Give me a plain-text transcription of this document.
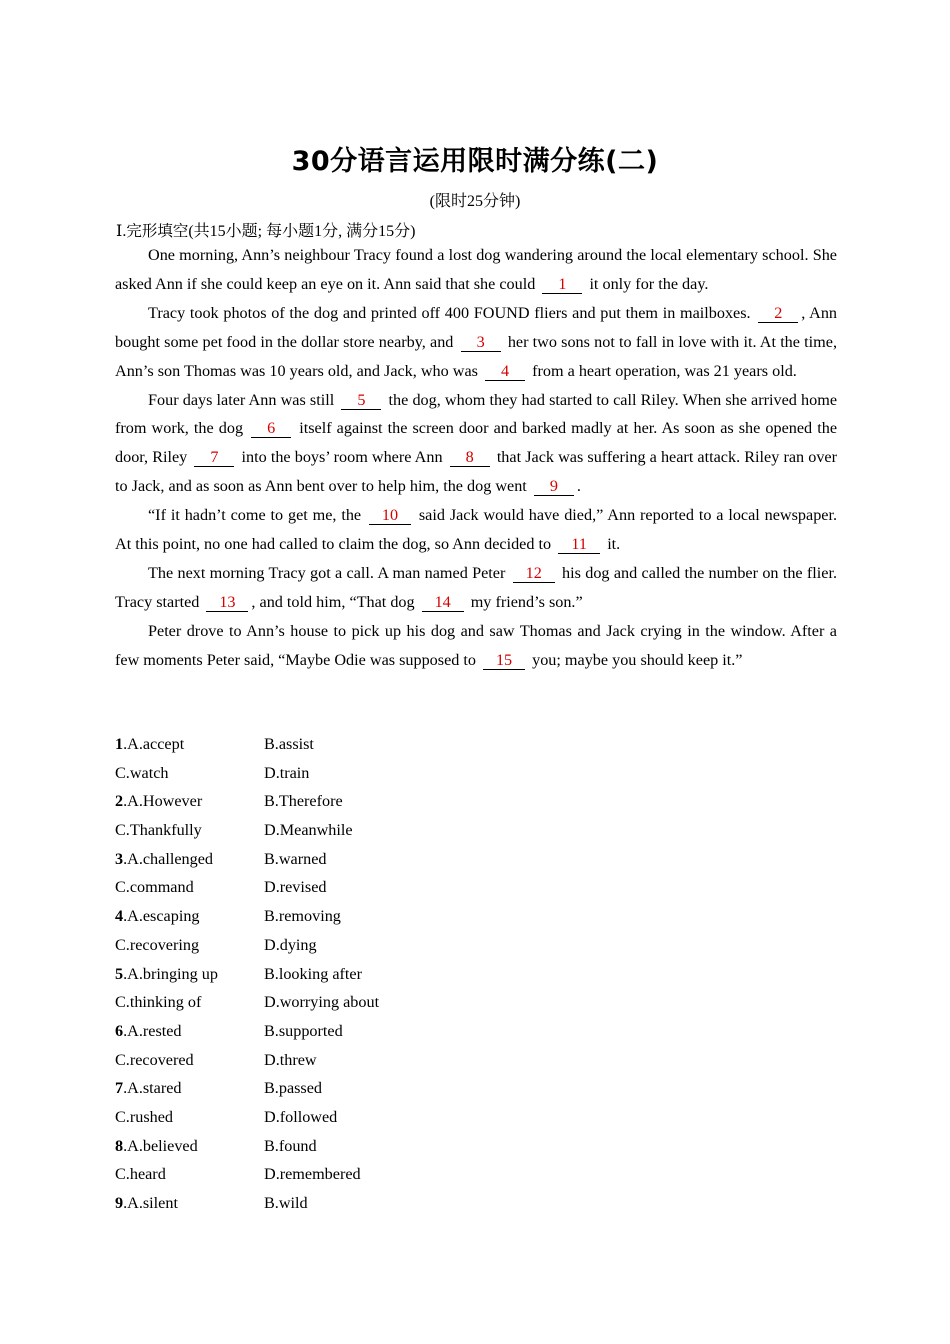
30分语言运用限时满分练(二)
(限时25分钟)
Ⅰ.完形填空(共15小题; 每小题1分, 满分15分)

One morning, Ann’s neighbour Tracy found a lost dog wandering around the local elementary school. She asked Ann if she could keep an eye on it. Ann said that she could 1 it only for the day.

Tracy took photos of the dog and printed off 400 FOUND fliers and put them in mailboxes. 2 , Ann bought some pet food in the dollar store nearby, and 3 her two sons not to fall in love with it. At the time, Ann’s son Thomas was 10 years old, and Jack, who was 4 from a heart operation, was 21 years old.

Four days later Ann was still 5 the dog, whom they had started to call Riley. When she arrived home from work, the dog 6 itself against the screen door and barked madly at her. As soon as she opened the door, Riley 7 into the boys’ room where Ann 8 that Jack was suffering a heart attack. Riley ran over to Jack, and as soon as Ann bent over to help him, the dog went 9 .

“If it hadn’t come to get me, the 10 said Jack would have died,” Ann reported to a local newspaper. At this point, no one had called to claim the dog, so Ann decided to 11 it.

The next morning Tracy got a call. A man named Peter 12 his dog and called the number on the flier. Tracy started 13 , and told him, “That dog 14 my friend’s son.”

Peter drove to Ann’s house to pick up his dog and saw Thomas and Jack crying in the window. After a few moments Peter said, “Maybe Odie was supposed to 15 you; maybe you should keep it.”

1.A.accept	B.assist
C.watch	D.train
2.A.However	B.Therefore
C.Thankfully	D.Meanwhile
3.A.challenged	B.warned
C.command	D.revised
4.A.escaping	B.removing
C.recovering	D.dying
5.A.bringing up	B.looking after
C.thinking of	D.worrying about
6.A.rested	B.supported
C.recovered	D.threw
7.A.stared	B.passed
C.rushed	D.followed
8.A.believed	B.found
C.heard	D.remembered
9.A.silent	B.wild
